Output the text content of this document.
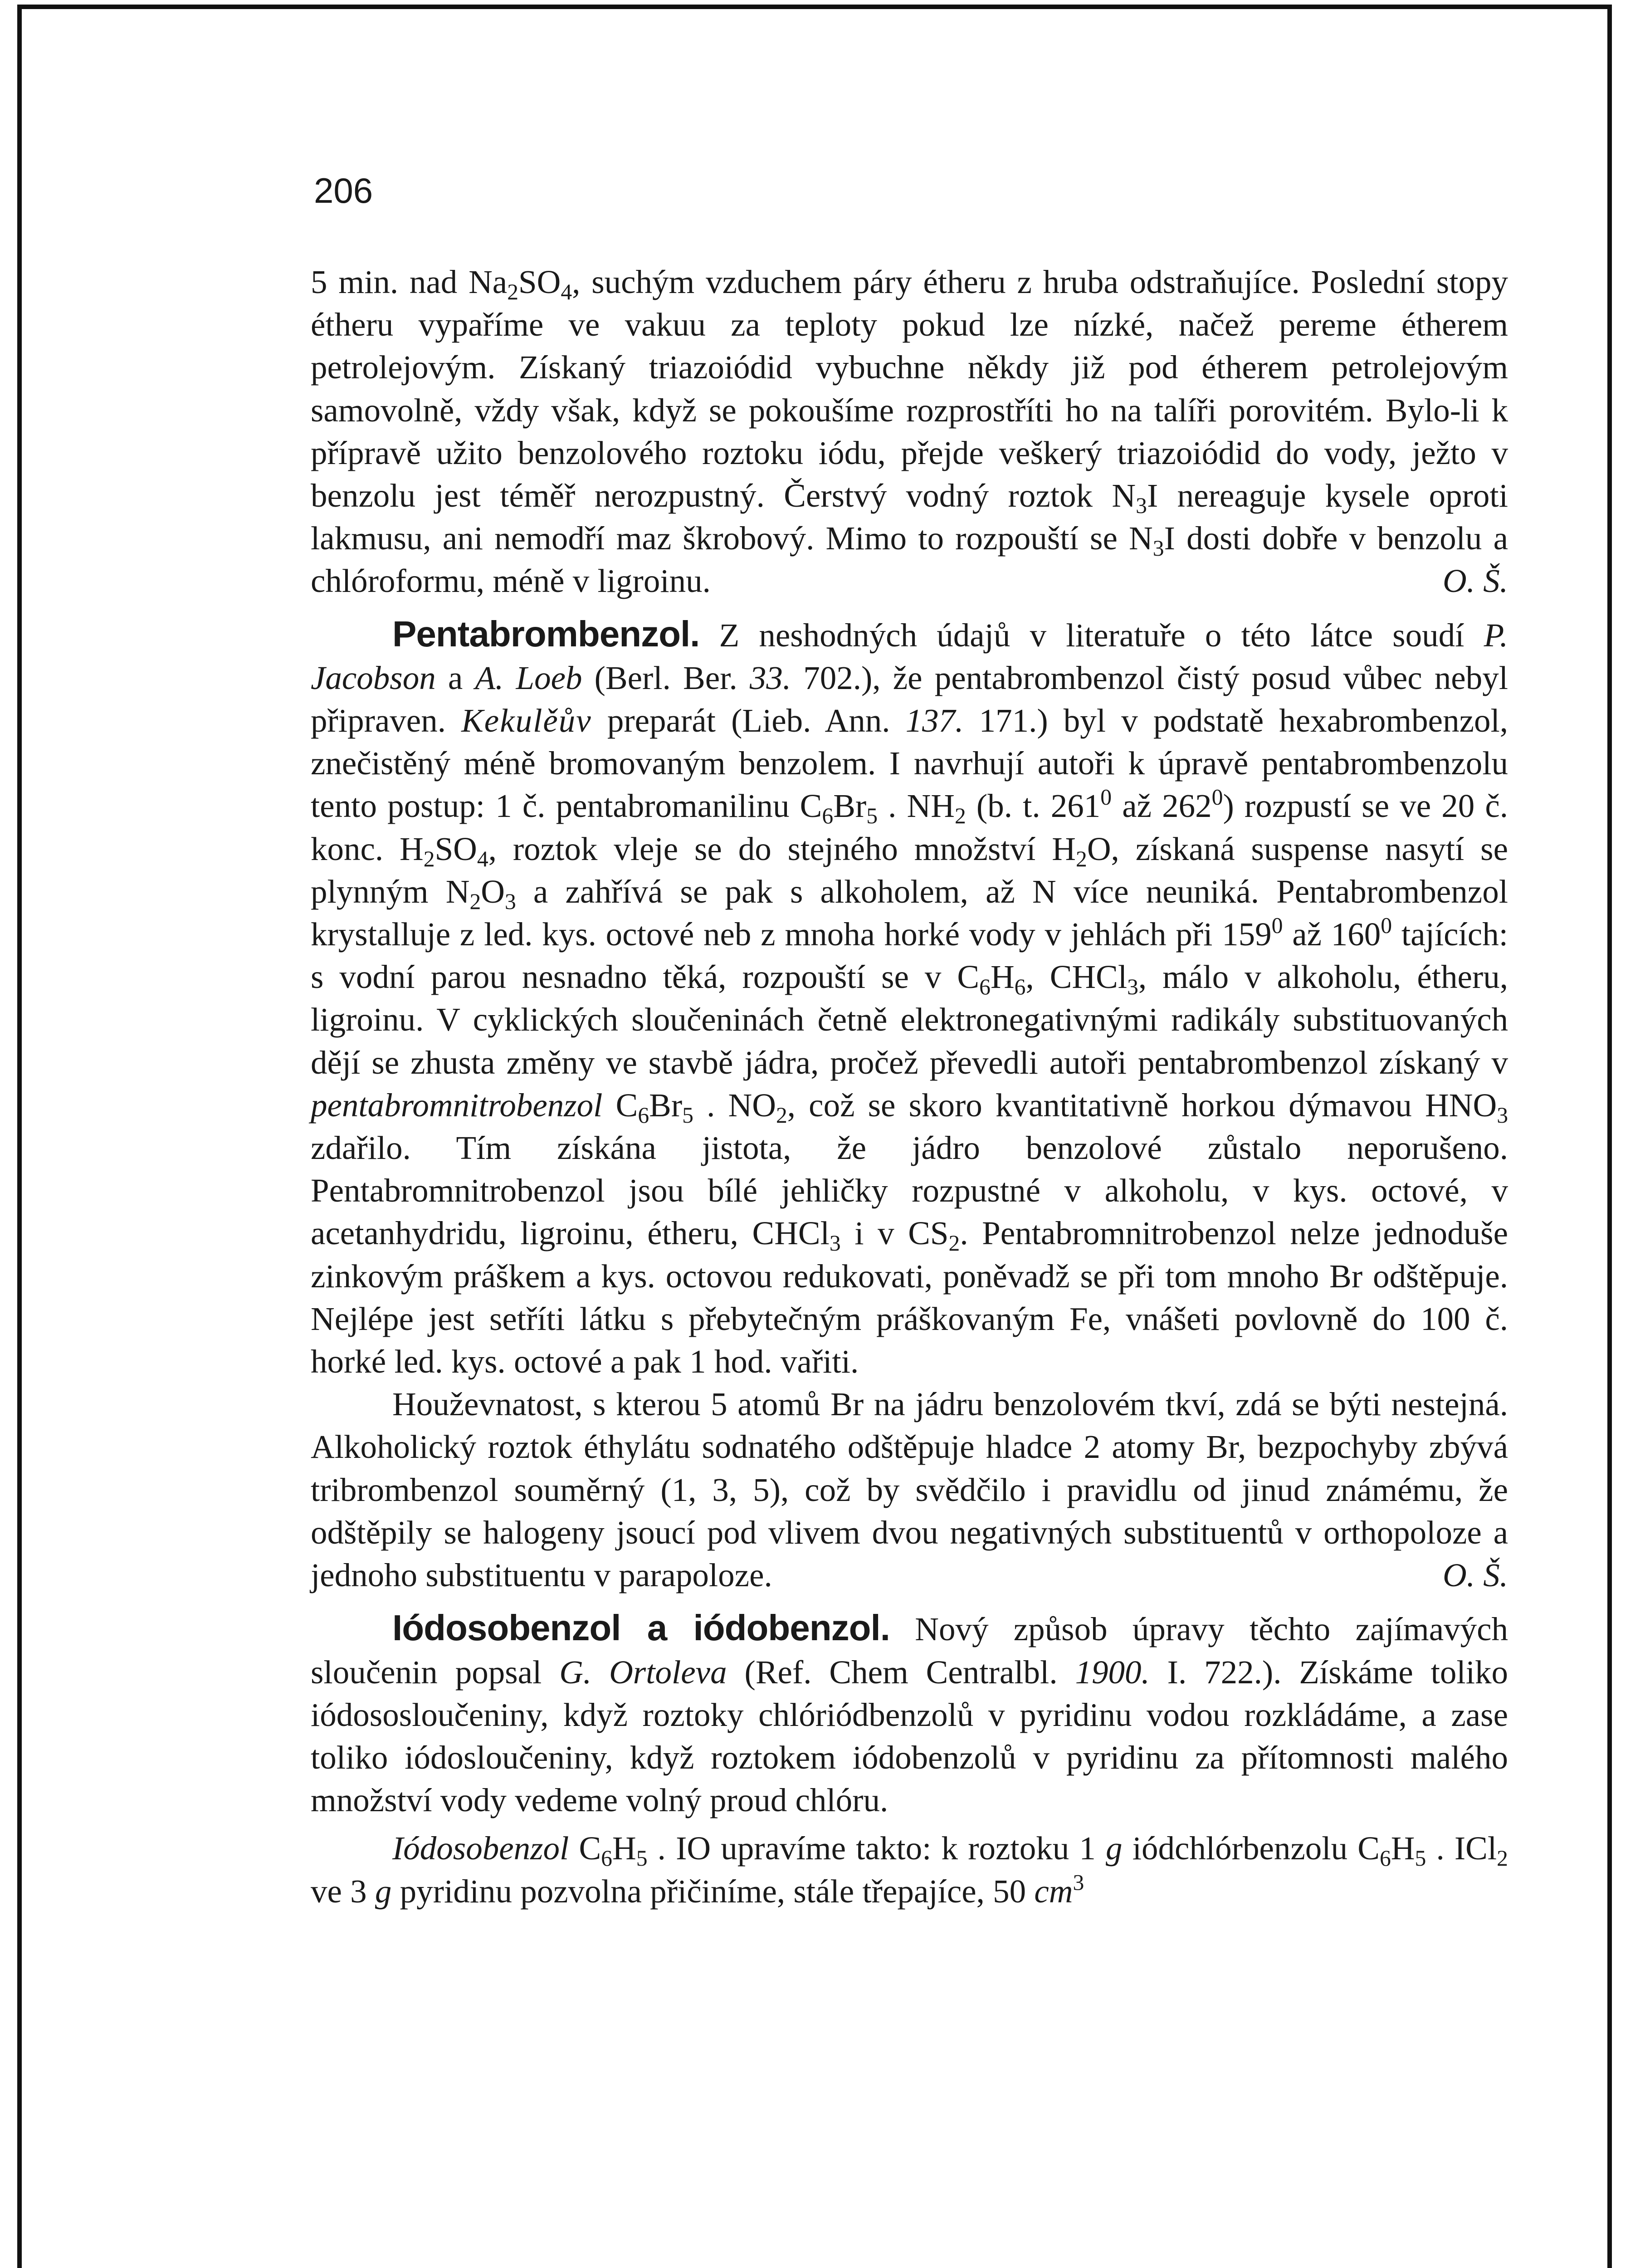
206

5 min. nad $Na_2SO_4$, suchým vzduchem páry étheru z hruba odstraňujíce. Poslední stopy étheru vypaříme ve vakuu za teploty pokud lze nízké, načež pereme étherem petrolejovým. Získaný triazoiódid vybuchne někdy již pod étherem petrolejovým samovolně, vždy však, když se pokoušíme rozprostříti ho na talíři porovitém. Bylo-li k přípravě užito benzolového roztoku iódu, přejde veškerý triazoiódid do vody, ježto v benzolu jest téměř nerozpustný. Čerstvý vodný roztok $N_3I$ nereaguje kysele oproti lakmusu, ani nemodří maz škrobový. Mimo to rozpouští se $N_3I$ dosti dobře v benzolu a chlóroformu, méně v ligroinu.	O. Š.

Pentabrombenzol. Z neshodných údajů v literatuře o této látce soudí P. Jacobson a A. Loeb (Berl. Ber. 33. 702.), že pentabrombenzol čistý posud vůbec nebyl připraven. Kekulěův preparát (Lieb. Ann. 137. 171.) byl v podstatě hexabrombenzol, znečistěný méně bromovaným benzolem. I navrhují autoři k úpravě pentabrombenzolu tento postup: 1 č. pentabromanilinu $C_6Br_5$ . $NH_2$ (b. t. $261^0$ až $262^0$) rozpustí se ve 20 č. konc. $H_2SO_4$, roztok vleje se do stejného množství $H_2O$, získaná suspense nasytí se plynným $N_2O_3$ a zahřívá se pak s alkoholem, až N více neuniká. Pentabrombenzol krystalluje z led. kys. octové neb z mnoha horké vody v jehlách při $159^0$ až $160^0$ tajících: s vodní parou nesnadno těká, rozpouští se v $C_6H_6$, CHCl$_3$, málo v alkoholu, étheru, ligroinu. V cyklických sloučeninách četně elektronegativnými radikály substituovaných dějí se zhusta změny ve stavbě jádra, pročež převedli autoři pentabrombenzol získaný v pentabromnitrobenzol $C_6Br_5$ . $NO_2$, což se skoro kvantitativně horkou dýmavou $HNO_3$ zdařilo. Tím získána jistota, že jádro benzolové zůstalo neporušeno. Pentabromnitrobenzol jsou bílé jehličky rozpustné v alkoholu, v kys. octové, v acetanhydridu, ligroinu, étheru, CHCl$_3$ i v $CS_2$. Pentabromnitrobenzol nelze jednoduše zinkovým práškem a kys. octovou redukovati, poněvadž se při tom mnoho Br odštěpuje. Nejlépe jest setříti látku s přebytečným práškovaným Fe, vnášeti povlovně do 100 č. horké led. kys. octové a pak 1 hod. vařiti.

Houževnatost, s kterou 5 atomů Br na jádru benzolovém tkví, zdá se býti nestejná. Alkoholický roztok éthylátu sodnatého odštěpuje hladce 2 atomy Br, bezpochyby zbývá tribrombenzol souměrný (1, 3, 5), což by svědčilo i pravidlu od jinud známému, že odštěpily se halogeny jsoucí pod vlivem dvou negativných substituentů v orthopoloze a jednoho substituentu v parapoloze.	O. Š.

Iódosobenzol a iódobenzol. Nový způsob úpravy těchto zajímavých sloučenin popsal G. Ortoleva (Ref. Chem Centralbl. 1900. I. 722.). Získáme toliko iódososloučeniny, když roztoky chlóriódbenzolů v pyridinu vodou rozkládáme, a zase toliko iódosloučeniny, když roztokem iódobenzolů v pyridinu za přítomnosti malého množství vody vedeme volný proud chlóru.

Iódosobenzol $C_6H_5$ . IO upravíme takto: k roztoku 1 g iódchlórbenzolu $C_6H_5$ . ICl$_2$ ve 3 g pyridinu pozvolna přičiníme, stále třepajíce, 50 $cm^3$
